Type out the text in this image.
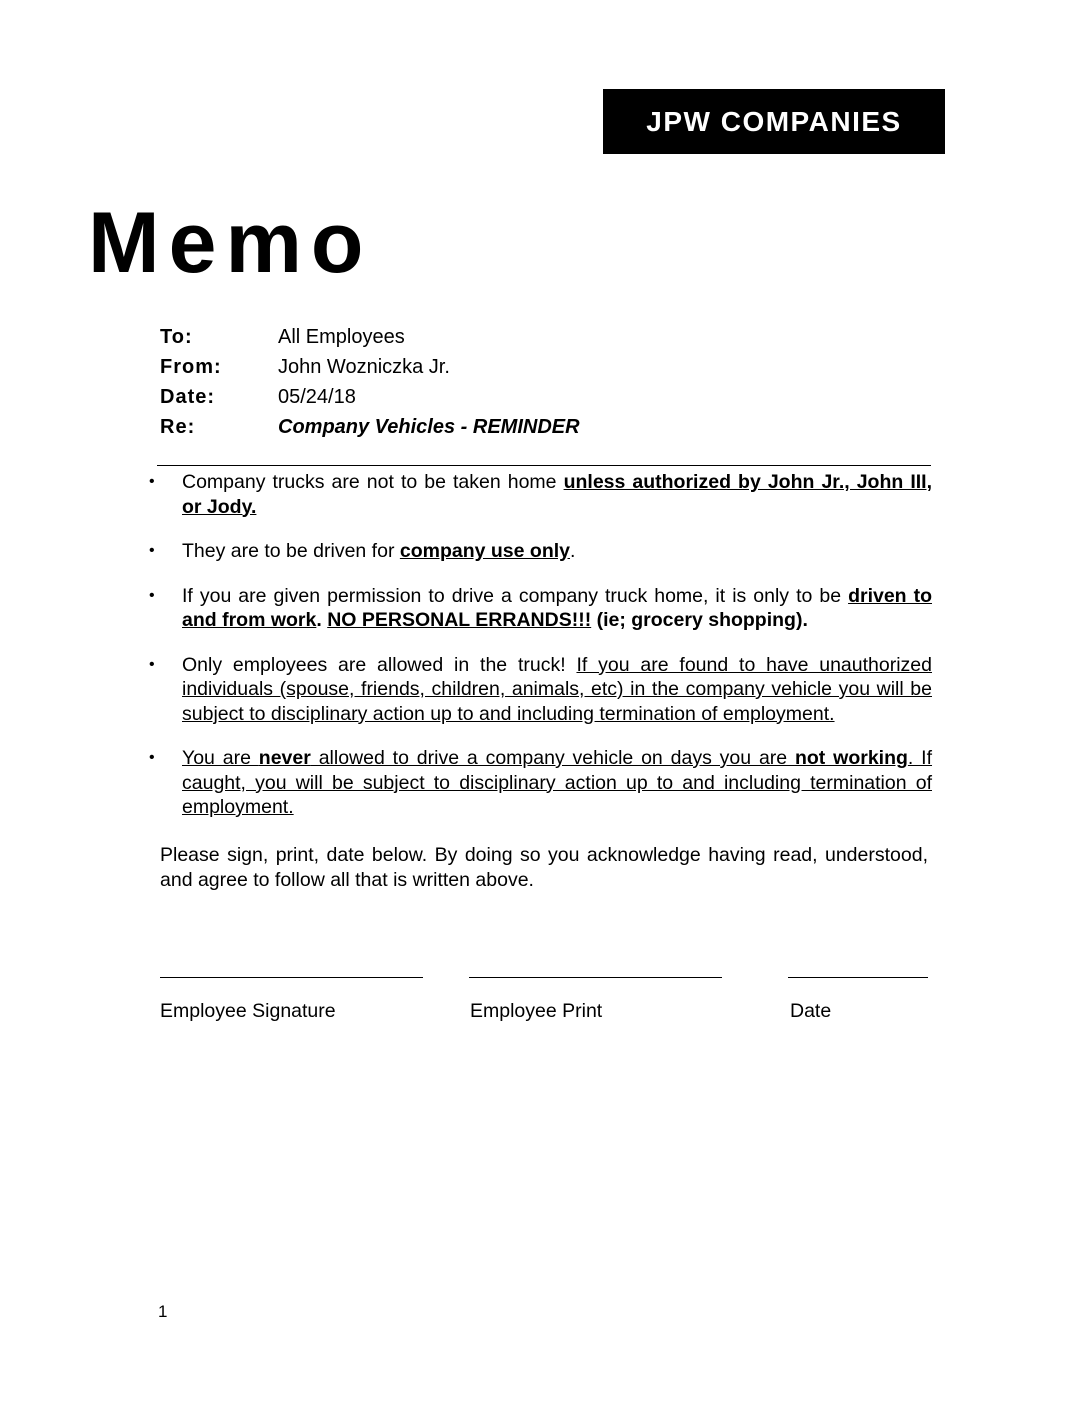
JPW COMPANIES
Memo
To:	All Employees
From:	John Wozniczka Jr.
Date:	05/24/18
Re:	Company Vehicles - REMINDER
• Company trucks are not to be taken home unless authorized by John Jr., John III, or Jody.
• They are to be driven for company use only.
• If you are given permission to drive a company truck home, it is only to be driven to and from work. NO PERSONAL ERRANDS!!! (ie; grocery shopping).
• Only employees are allowed in the truck! If you are found to have unauthorized individuals (spouse, friends, children, animals, etc) in the company vehicle you will be subject to disciplinary action up to and including termination of employment.
• You are never allowed to drive a company vehicle on days you are not working. If caught, you will be subject to disciplinary action up to and including termination of employment.
Please sign, print, date below. By doing so you acknowledge having read, understood, and agree to follow all that is written above.
Employee Signature	Employee Print	Date
1
